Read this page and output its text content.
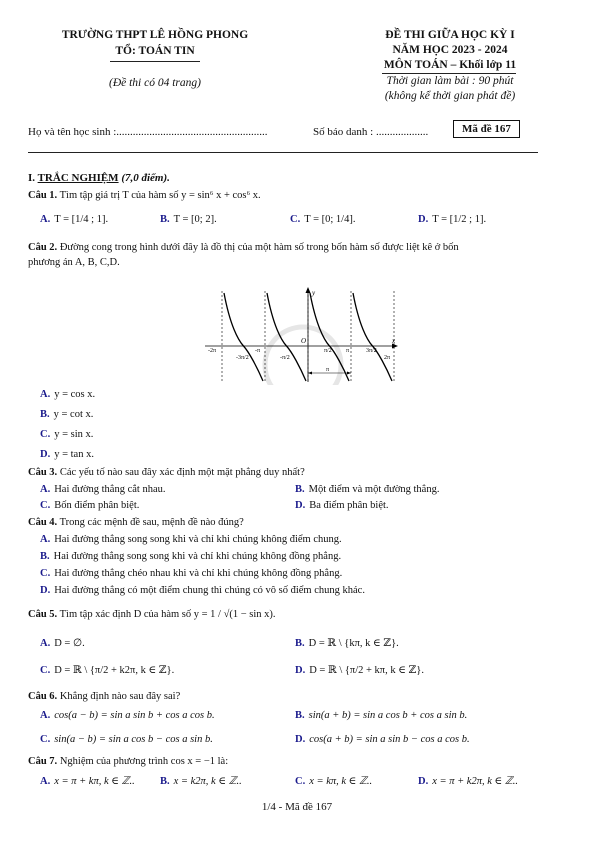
TRƯỜNG THPT LÊ HỒNG PHONG
TỔ: TOÁN TIN
(Đề thi có 04 trang)
ĐỀ THI GIỮA HỌC KỲ I
NĂM HỌC 2023 - 2024
MÔN TOÁN – Khối lớp 11
Thời gian làm bài : 90 phút
(không kể thời gian phát đề)
Họ và tên học sinh :.......................................................	Số báo danh : ...................	Mã đề 167
I. TRẮC NGHIỆM (7,0 điểm).
Câu 1. Tìm tập giá trị T của hàm số y = sin⁶ x + cos⁶ x.
A. T = [1/4 ; 1].	B. T = [0; 2].	C. T = [0; 1/4].	D. T = [1/2 ; 1].
Câu 2. Đường cong trong hình dưới đây là đồ thị của một hàm số trong bốn hàm số được liệt kê ở bốn
phương án A, B, C,D.
y
x
O
-2π
-3π/2
-π
-π/2
π/2 π	3π/2
2π
π
A. y = cos x.
B. y = cot x.
C. y = sin x.
D. y = tan x.
Câu 3. Các yếu tố nào sau đây xác định một mặt phẳng duy nhất?
A. Hai đường thẳng cắt nhau.	B. Một điểm và một đường thẳng.
C. Bốn điểm phân biệt.	D. Ba điểm phân biệt.
Câu 4. Trong các mệnh đề sau, mệnh đề nào đúng?
A. Hai đường thẳng song song khi và chỉ khi chúng không điểm chung.
B. Hai đường thẳng song song khi và chỉ khi chúng không đồng phẳng.
C. Hai đường thẳng chéo nhau khi và chỉ khi chúng không đồng phẳng.
D. Hai đường thẳng có một điểm chung thì chúng có vô số điểm chung khác.
Câu 5. Tìm tập xác định D của hàm số y = 1 / √(1 − sin x).
A. D = ∅.	B. D = ℝ \ {kπ, k ∈ ℤ}.
C. D = ℝ \ {π/2 + k2π, k ∈ ℤ}.	D. D = ℝ \ {π/2 + kπ, k ∈ ℤ}.
Câu 6. Khẳng định nào sau đây sai?
A. cos(a − b) = sin a sin b + cos a cos b.	B. sin(a + b) = sin a cos b + cos a sin b.
C. sin(a − b) = sin a cos b − cos a sin b.	D. cos(a + b) = sin a sin b − cos a cos b.
Câu 7. Nghiệm của phương trình cos x = −1 là:
A. x = π + kπ, k ∈ ℤ.. B. x = k2π, k ∈ ℤ..	C. x = kπ, k ∈ ℤ..	D. x = π + k2π, k ∈ ℤ..
1/4 - Mã đề 167
